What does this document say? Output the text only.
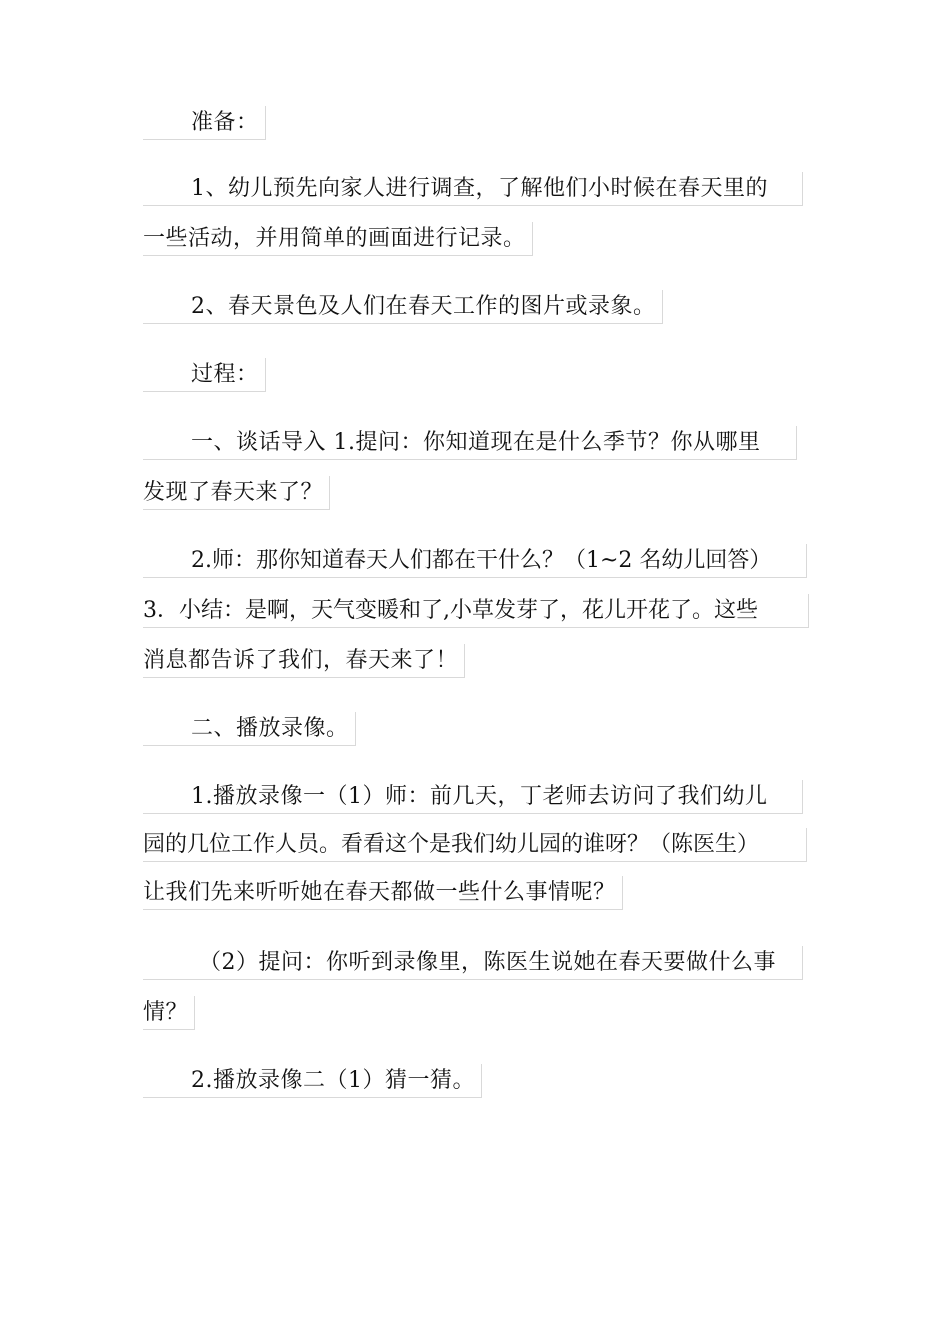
准备：
1、幼儿预先向家人进行调查，了解他们小时候在春天里的
一些活动，并用简单的画面进行记录。
2、春天景色及人们在春天工作的图片或录象。
过程：
一、谈话导入 1.提问：你知道现在是什么季节？你从哪里
发现了春天来了？
2.师：那你知道春天人们都在干什么？（1~2 名幼儿回答）
3．小结：是啊，天气变暖和了,小草发芽了，花儿开花了。这些
消息都告诉了我们，春天来了！
二、播放录像。
1.播放录像一（1）师：前几天，丁老师去访问了我们幼儿
园的几位工作人员。看看这个是我们幼儿园的谁呀？（陈医生）
让我们先来听听她在春天都做一些什么事情呢？
（2）提问：你听到录像里，陈医生说她在春天要做什么事
情？
2.播放录像二（1）猜一猜。
